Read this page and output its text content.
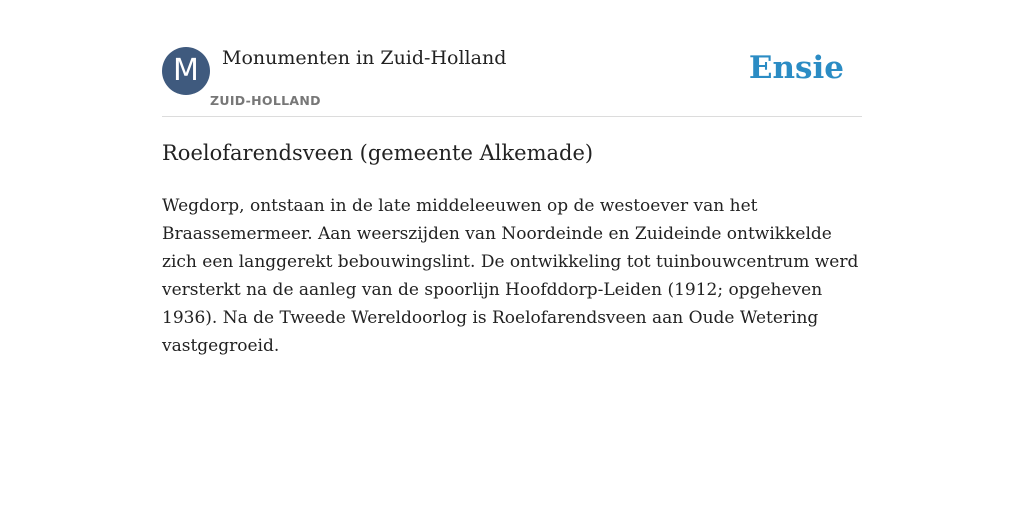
M	Monumenten in Zuid-Holland
ZUID-HOLLAND
Ensie
Roelofarendsveen (gemeente Alkemade)

Wegdorp, ontstaan in de late middeleeuwen op de westoever van het Braassemermeer. Aan weerszijden van Noordeinde en Zuideinde ontwikkelde zich een langgerekt bebouwingslint. De ontwikkeling tot tuinbouwcentrum werd versterkt na de aanleg van de spoorlijn Hoofddorp-Leiden (1912; opgeheven 1936). Na de Tweede Wereldoorlog is Roelofarendsveen aan Oude Wetering vastgegroeid.
